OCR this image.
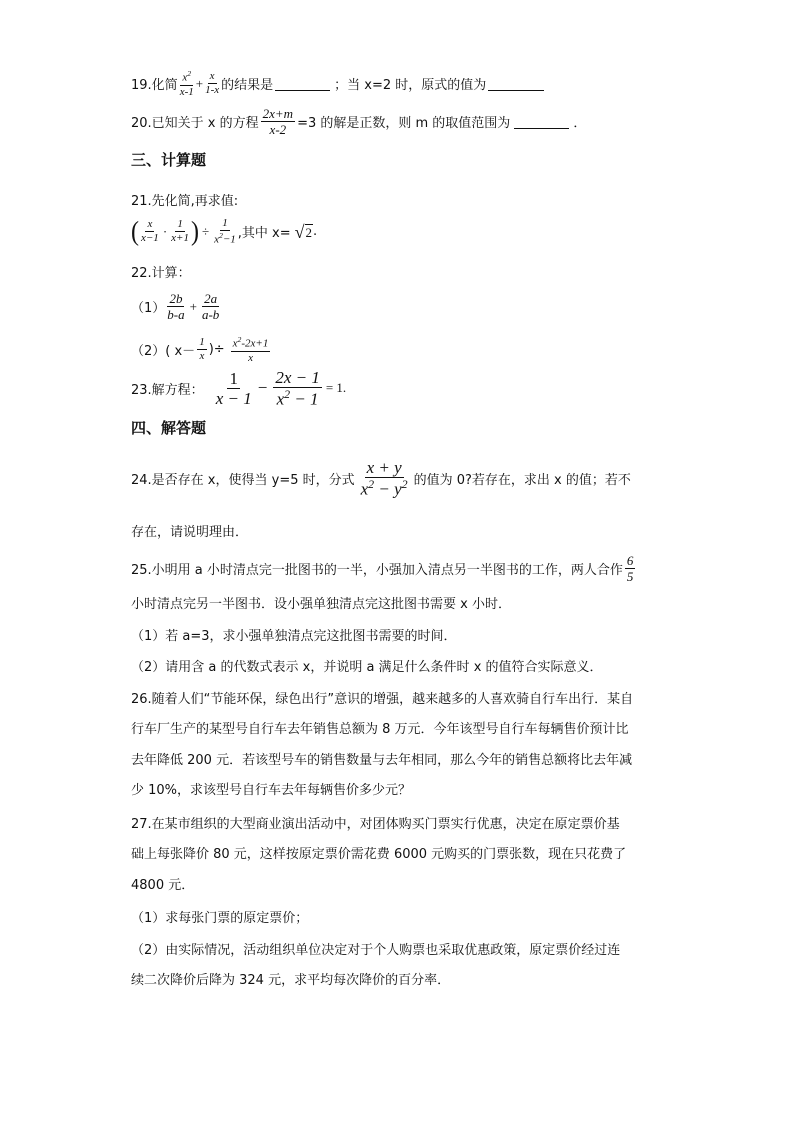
19.化简 $\frac{x^2}{x-1} + \frac{x}{1-x}$ 的结果是	；当 x=2 时，原式的值为
20.已知关于 x 的方程 $\frac{2x+m}{x-2} =3$ 的解是正数，则 m 的取值范围为	．
三、计算题
21.先化简,再求值:
( $\frac{x}{x-1} \cdot \frac{1}{x+1}$ ) ÷ $\frac{1}{x^2-1}$ ,其中 x= √ 2 .
22.计算：
$(1) \frac{2b}{b-a} + \frac{2a}{a-b}$
（2） ( $x- \frac{1}{x}$ )÷ $\frac{x^2-2x+1}{x}$
23.解方程： $\frac{1}{x - 1} - \frac{2x - 1}{x^2 - 1} = 1$.
四、解答题
24.是否存在 x，使得当 y=5 时，分式 $\frac{x + y}{x^2 - y^2}$ 的值为 0?若存在，求出 x 的值；若不
存在，请说明理由．
25.小明用 a 小时清点完一批图书的一半，小强加入清点另一半图书的工作，两人合作 $\frac{6}{5}$
小时清点完另一半图书．设小强单独清点完这批图书需要 x 小时．
（1）若 a=3，求小强单独清点完这批图书需要的时间．
（2）请用含 a 的代数式表示 x，并说明 a 满足什么条件时 x 的值符合实际意义．
26.随着人们“节能环保，绿色出行”意识的增强，越来越多的人喜欢骑自行车出行．某自
行车厂生产的某型号自行车去年销售总额为 8 万元．今年该型号自行车每辆售价预计比
去年降低 200 元．若该型号车的销售数量与去年相同，那么今年的销售总额将比去年减
少 10%，求该型号自行车去年每辆售价多少元？
27.在某市组织的大型商业演出活动中，对团体购买门票实行优惠，决定在原定票价基
础上每张降价 80 元，这样按原定票价需花费 6000 元购买的门票张数，现在只花费了
4800 元．
（1）求每张门票的原定票价；
（2）由实际情况，活动组织单位决定对于个人购票也采取优惠政策，原定票价经过连
续二次降价后降为 324 元，求平均每次降价的百分率．
